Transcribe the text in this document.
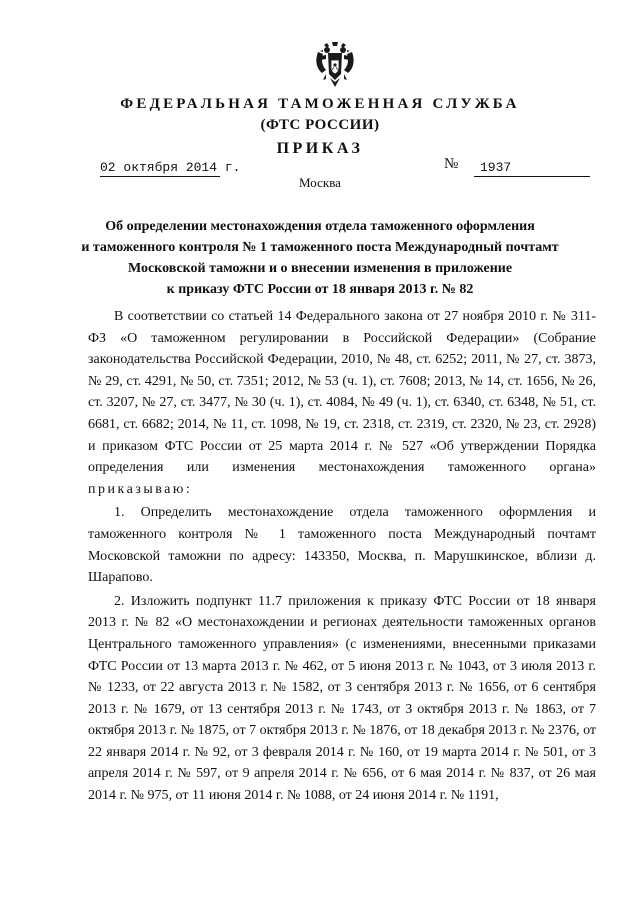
ФЕДЕРАЛЬНАЯ ТАМОЖЕННАЯ СЛУЖБА
(ФТС РОССИИ)
ПРИКАЗ
02 октября 2014 г.	№	1937
Москва
Об определении местонахождения отдела таможенного оформления
и таможенного контроля № 1 таможенного поста Международный почтамт
Московской таможни и о внесении изменения в приложение
к приказу ФТС России от 18 января 2013 г. № 82

В соответствии со статьей 14 Федерального закона от 27 ноября 2010 г. № 311-ФЗ «О таможенном регулировании в Российской Федерации» (Собрание законодательства Российской Федерации, 2010, № 48, ст. 6252; 2011, № 27, ст. 3873, № 29, ст. 4291, № 50, ст. 7351; 2012, № 53 (ч. 1), ст. 7608; 2013, № 14, ст. 1656, № 26, ст. 3207, № 27, ст. 3477, № 30 (ч. 1), ст. 4084, № 49 (ч. 1), ст. 6340, ст. 6348, № 51, ст. 6681, ст. 6682; 2014, № 11, ст. 1098, № 19, ст. 2318, ст. 2319, ст. 2320, № 23, ст. 2928) и приказом ФТС России от 25 марта 2014 г. № 527 «Об утверждении Порядка определения или изменения местонахождения таможенного органа» приказываю:

1. Определить местонахождение отдела таможенного оформления и таможенного контроля № 1 таможенного поста Международный почтамт Московской таможни по адресу: 143350, Москва, п. Марушкинское, вблизи д. Шарапово.

2. Изложить подпункт 11.7 приложения к приказу ФТС России от 18 января 2013 г. № 82 «О местонахождении и регионах деятельности таможенных органов Центрального таможенного управления» (с изменениями, внесенными приказами ФТС России от 13 марта 2013 г. № 462, от 5 июня 2013 г. № 1043, от 3 июля 2013 г. № 1233, от 22 августа 2013 г. № 1582, от 3 сентября 2013 г. № 1656, от 6 сентября 2013 г. № 1679, от 13 сентября 2013 г. № 1743, от 3 октября 2013 г. № 1863, от 7 октября 2013 г. № 1875, от 7 октября 2013 г. № 1876, от 18 декабря 2013 г. № 2376, от 22 января 2014 г. № 92, от 3 февраля 2014 г. № 160, от 19 марта 2014 г. № 501, от 3 апреля 2014 г. № 597, от 9 апреля 2014 г. № 656, от 6 мая 2014 г. № 837, от 26 мая 2014 г. № 975, от 11 июня 2014 г. № 1088, от 24 июня 2014 г. № 1191,
